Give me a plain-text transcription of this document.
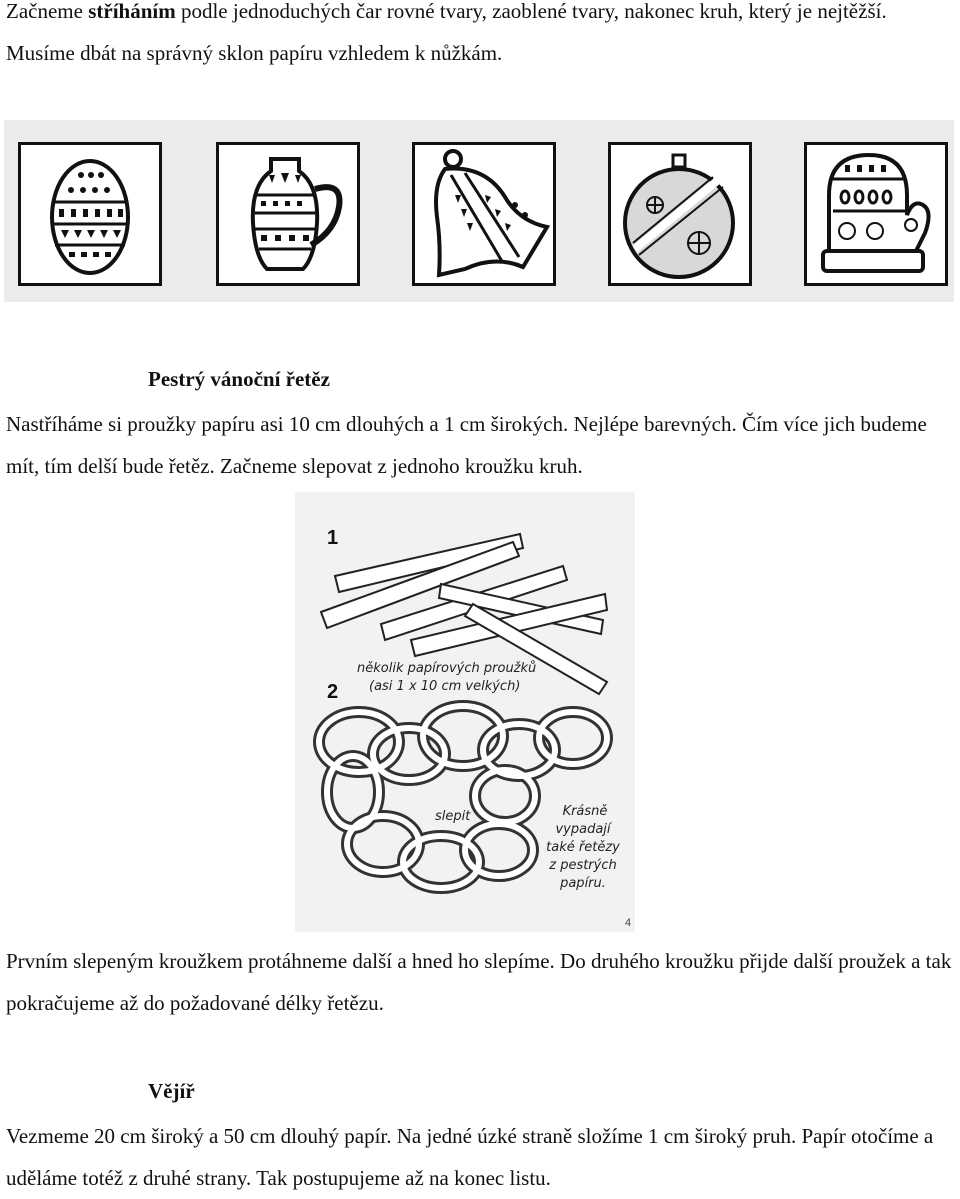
Začneme stříháním podle jednoduchých čar rovné tvary, zaoblené tvary, nakonec kruh, který je nejtěžší. Musíme dbát na správný sklon papíru vzhledem k nůžkám.

Pestrý vánoční řetěz

Nastříháme si proužky papíru asi 10 cm dlouhých a 1 cm širokých. Nejlépe barevných. Čím více jich budeme mít, tím delší bude řetěz. Začneme slepovat z jednoho kroužku kruh.

1
několik papírových proužků
(asi 1 x 10 cm velkých)
2
slepit	Krásně
vypadají
také řetězy
z pestrých
papíru.
4

Prvním slepeným kroužkem protáhneme další a hned ho slepíme. Do druhého kroužku přijde další proužek a tak pokračujeme až do požadované délky řetězu.

Vějíř

Vezmeme 20 cm široký a 50 cm dlouhý papír. Na jedné úzké straně složíme 1 cm široký pruh. Papír otočíme a uděláme totéž z druhé strany. Tak postupujeme až na konec listu.
